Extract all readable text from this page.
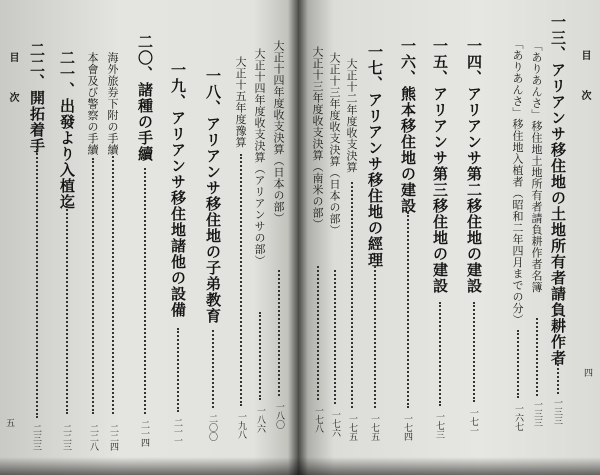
目　　　次
五
二二、開拓着手
二三三
二一、出發より入植迄
二二三
本會及び警察の手續
二二八
海外旅券下附の手續
二二四
二〇、諸種の手續
二一四
一九、アリアンサ移住地諸他の設備
二一一
一八、アリアンサ移住地の子弟教育
二〇〇
大正十五年度豫算
一九八
大正十四年度收支決算（アリアンサの部）
一八六
大正十四年度收支決算（日本の部）
一八〇
大正十三年度收支決算（南米の部）
一七八
大正十三年度收支決算（日本の部）
一七六
大正十二年度收支決算
一七五
一七、アリアンサ移住地の經理
一七五
一六、熊本移住地の建設
一七四
一五、アリアンサ第三移住地の建設
一七三
一四、アリアンサ第二移住地の建設
一七一
「ありあんさ」移住地入植者（昭和二年四月までの分）
一六七
「ありあんさ」移住地土地所有者請負耕作者名簿
一三三
一三、アリアンサ移住地の土地所有者請負耕作者
一三三
目　　　次
四
